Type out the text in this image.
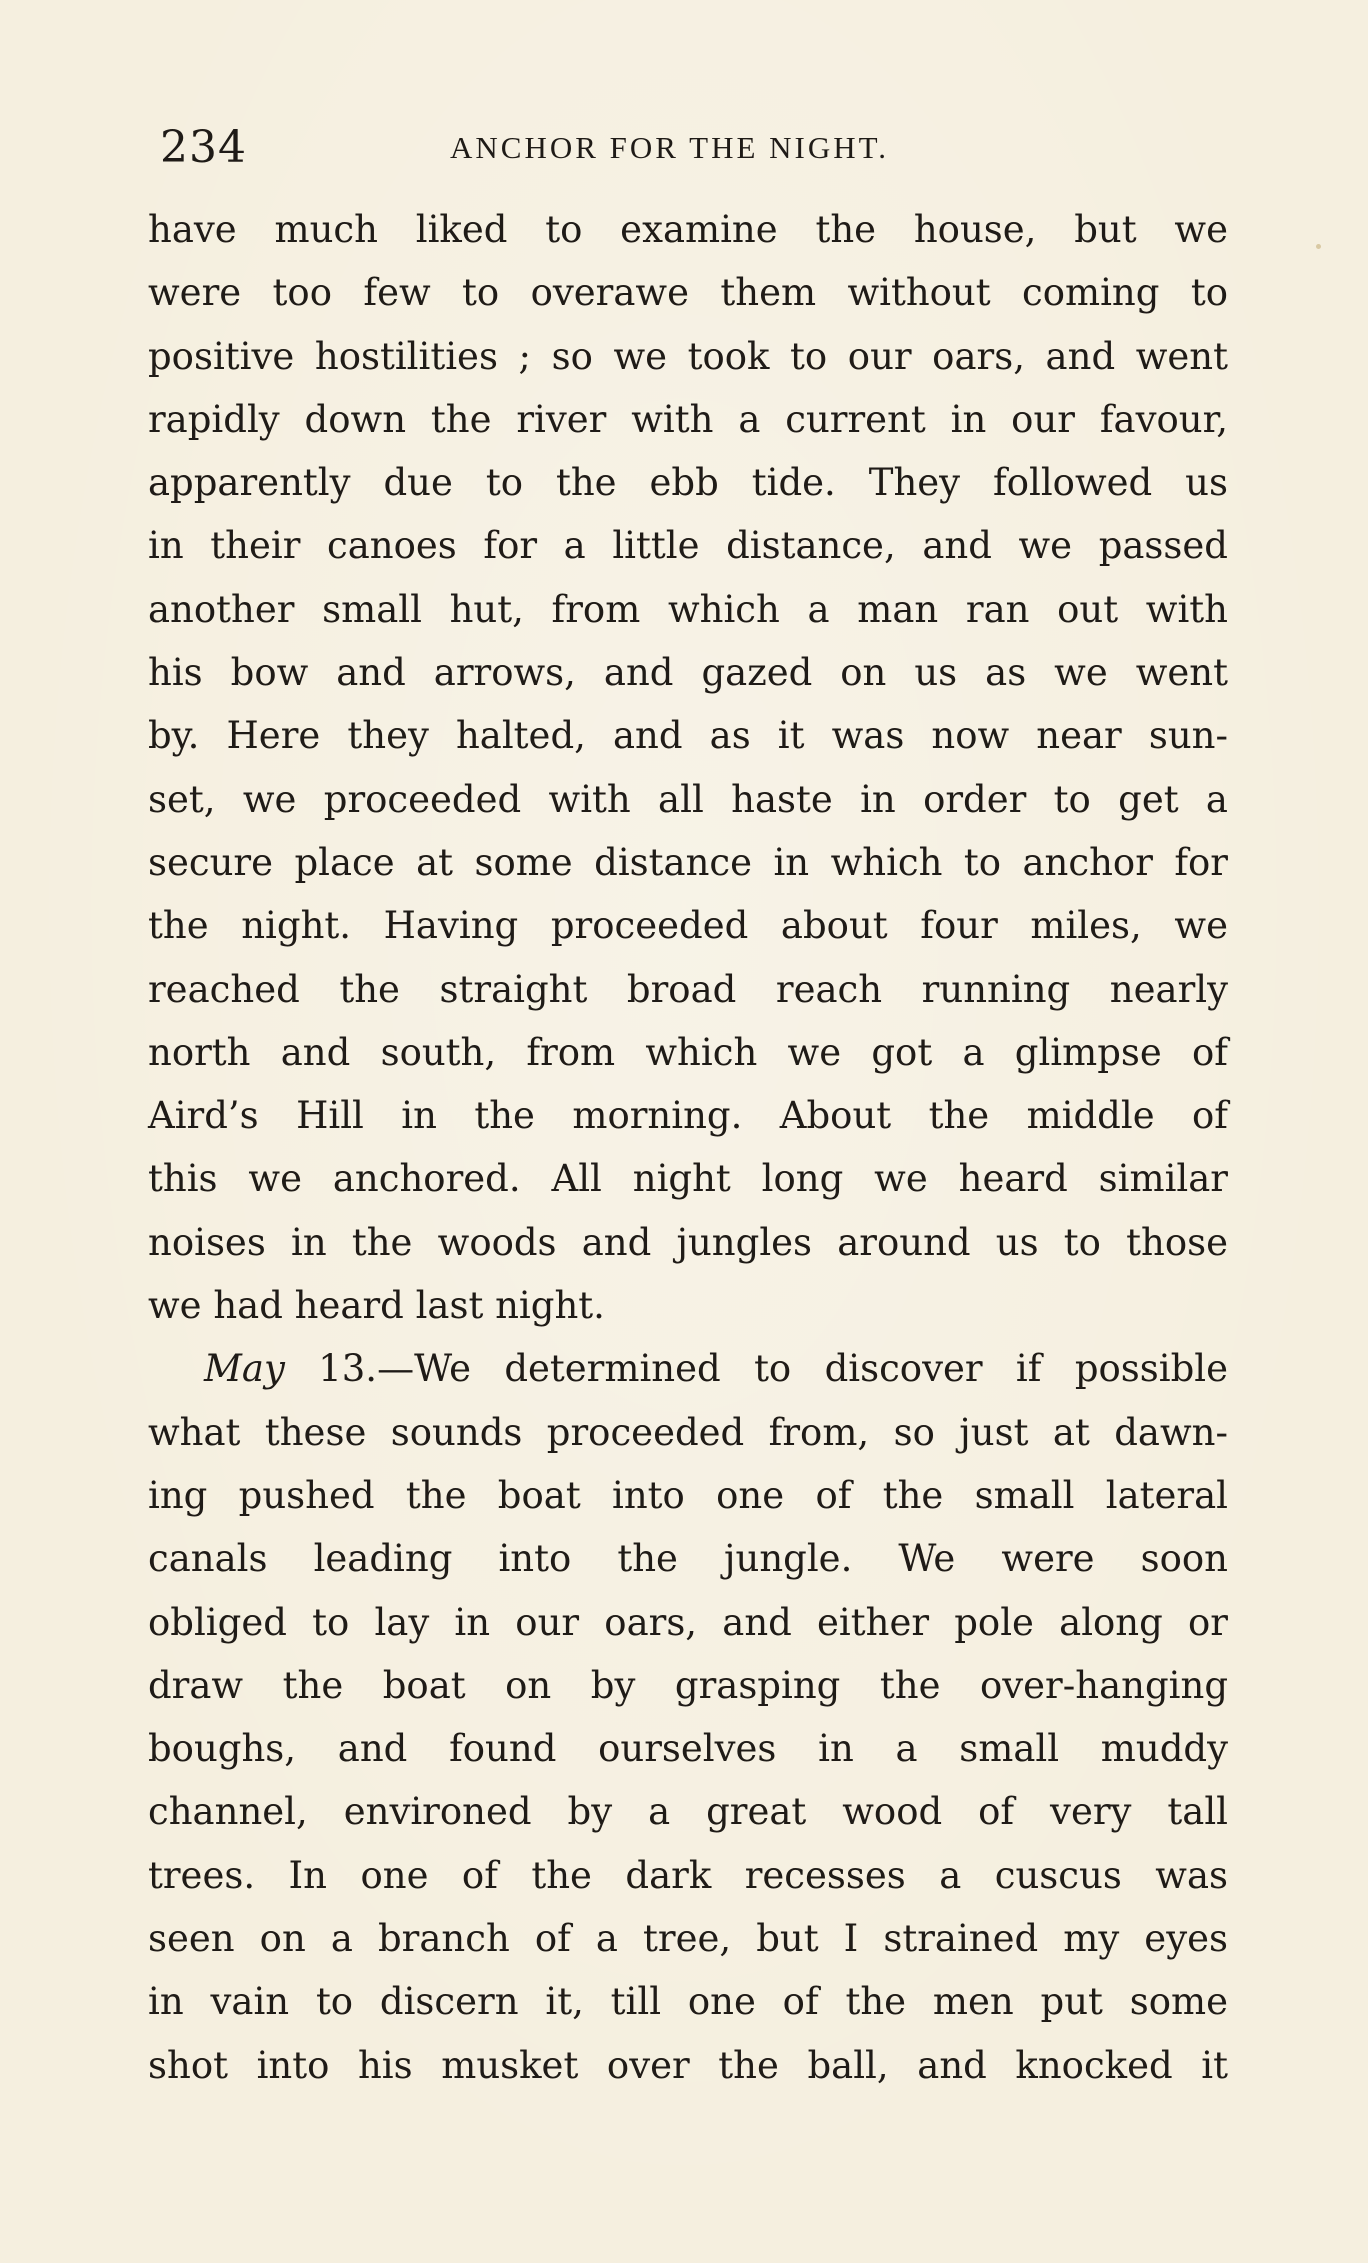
234	ANCHOR FOR THE NIGHT.
have much liked to examine the house, but we
were too few to overawe them without coming to
positive hostilities ; so we took to our oars, and went
rapidly down the river with a current in our favour,
apparently due to the ebb tide. They followed us
in their canoes for a little distance, and we passed
another small hut, from which a man ran out with
his bow and arrows, and gazed on us as we went
by. Here they halted, and as it was now near sun-
set, we proceeded with all haste in order to get a
secure place at some distance in which to anchor for
the night. Having proceeded about four miles, we
reached the straight broad reach running nearly
north and south, from which we got a glimpse of
Aird’s Hill in the morning. About the middle of
this we anchored. All night long we heard similar
noises in the woods and jungles around us to those
we had heard last night.
May 13.—We determined to discover if possible
what these sounds proceeded from, so just at dawn-
ing pushed the boat into one of the small lateral
canals leading into the jungle. We were soon
obliged to lay in our oars, and either pole along or
draw the boat on by grasping the over-hanging
boughs, and found ourselves in a small muddy
channel, environed by a great wood of very tall
trees. In one of the dark recesses a cuscus was
seen on a branch of a tree, but I strained my eyes
in vain to discern it, till one of the men put some
shot into his musket over the ball, and knocked it
